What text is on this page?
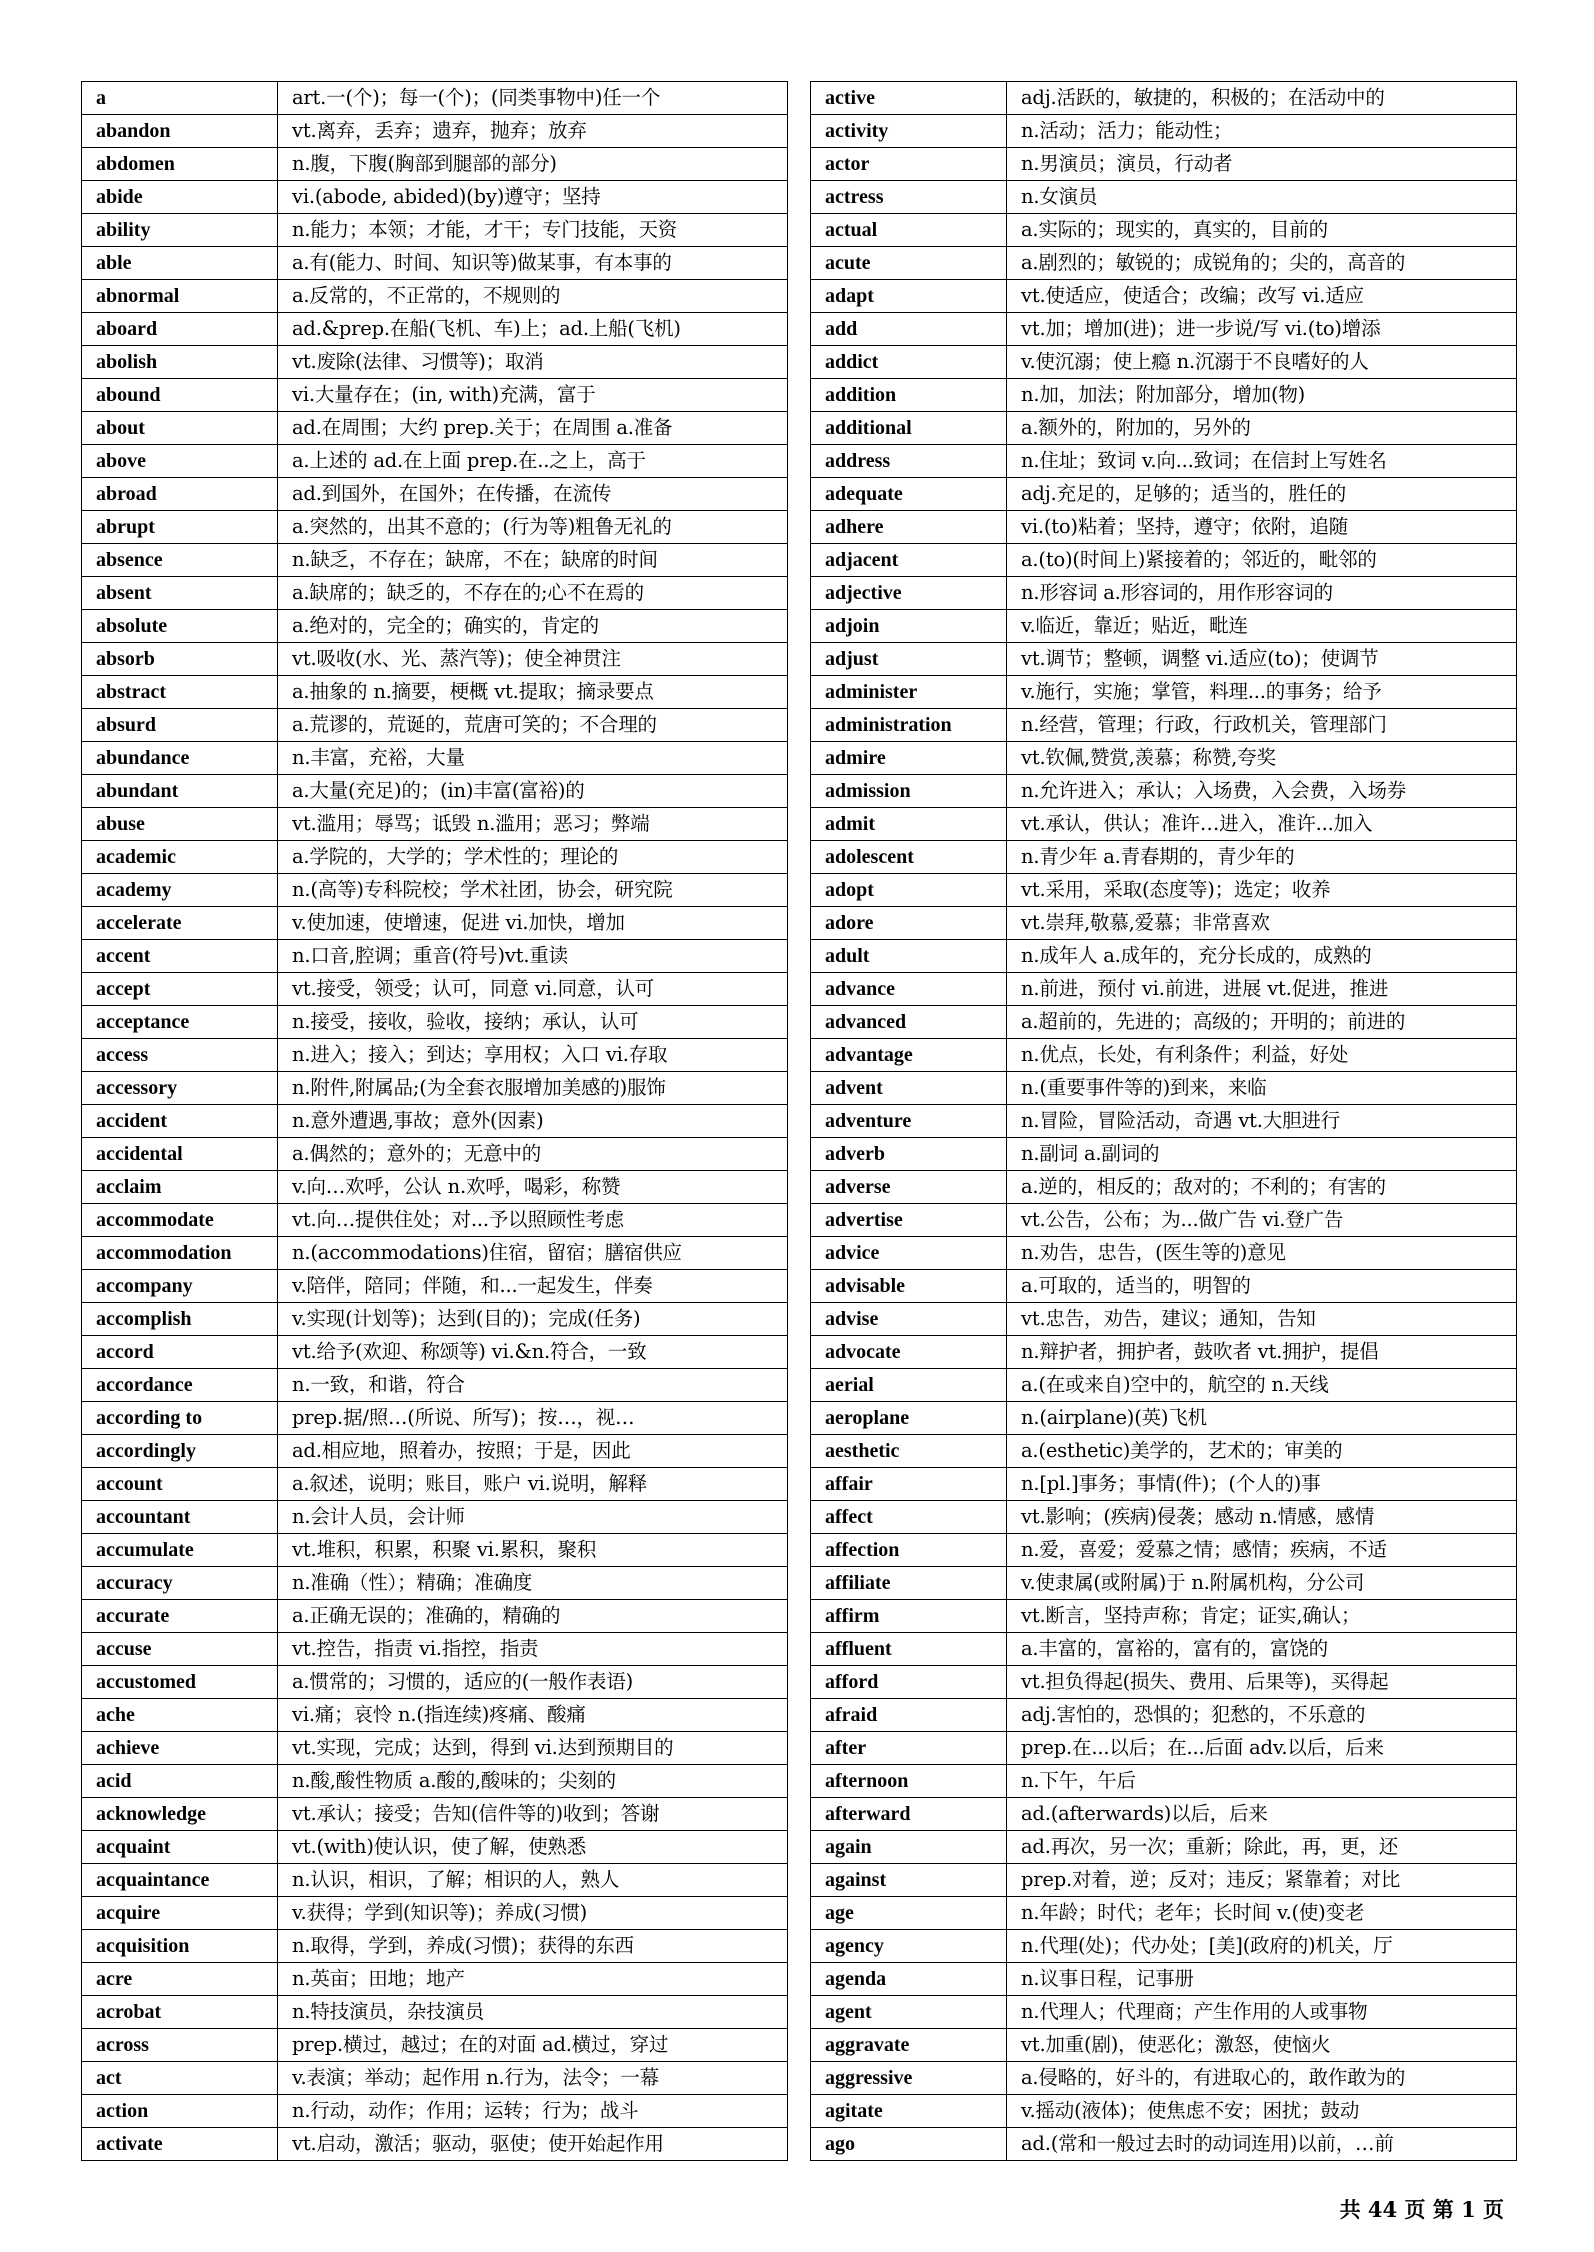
a	art.一(个)；每一(个)；(同类事物中)任一个
abandon	vt.离弃，丢弃；遗弃，抛弃；放弃
abdomen	n.腹，下腹(胸部到腿部的部分)
abide	vi.(abode, abided)(by)遵守；坚持
ability	n.能力；本领；才能，才干；专门技能，天资
able	a.有(能力、时间、知识等)做某事，有本事的
abnormal	a.反常的，不正常的，不规则的
aboard	ad.&prep.在船(飞机、车)上；ad.上船(飞机)
abolish	vt.废除(法律、习惯等)；取消
abound	vi.大量存在；(in, with)充满，富于
about	ad.在周围；大约 prep.关于；在周围 a.准备
above	a.上述的 ad.在上面 prep.在..之上，高于
abroad	ad.到国外，在国外；在传播，在流传
abrupt	a.突然的，出其不意的；(行为等)粗鲁无礼的
absence	n.缺乏，不存在；缺席，不在；缺席的时间
absent	a.缺席的；缺乏的，不存在的;心不在焉的
absolute	a.绝对的，完全的；确实的，肯定的
absorb	vt.吸收(水、光、蒸汽等)；使全神贯注
abstract	a.抽象的 n.摘要，梗概 vt.提取；摘录要点
absurd	a.荒谬的，荒诞的，荒唐可笑的；不合理的
abundance	n.丰富，充裕，大量
abundant	a.大量(充足)的；(in)丰富(富裕)的
abuse	vt.滥用；辱骂；诋毁 n.滥用；恶习；弊端
academic	a.学院的，大学的；学术性的；理论的
academy	n.(高等)专科院校；学术社团，协会，研究院
accelerate	v.使加速，使增速，促进 vi.加快，增加
accent	n.口音,腔调；重音(符号)vt.重读
accept	vt.接受，领受；认可，同意 vi.同意，认可
acceptance	n.接受，接收，验收，接纳；承认，认可
access	n.进入；接入；到达；享用权；入口 vi.存取
accessory	n.附件,附属品;(为全套衣服增加美感的)服饰
accident	n.意外遭遇,事故；意外(因素)
accidental	a.偶然的；意外的；无意中的
acclaim	v.向…欢呼，公认 n.欢呼，喝彩，称赞
accommodate	vt.向…提供住处；对...予以照顾性考虑
accommodation	n.(accommodations)住宿，留宿；膳宿供应
accompany	v.陪伴，陪同；伴随，和...一起发生，伴奏
accomplish	v.实现(计划等)；达到(目的)；完成(任务)
accord	vt.给予(欢迎、称颂等) vi.&n.符合，一致
accordance	n.一致，和谐，符合
according to	prep.据/照…(所说、所写)；按…，视…
accordingly	ad.相应地，照着办，按照；于是，因此
account	a.叙述，说明；账目，账户 vi.说明，解释
accountant	n.会计人员，会计师
accumulate	vt.堆积，积累，积聚 vi.累积，聚积
accuracy	n.准确（性）；精确；准确度
accurate	a.正确无误的；准确的，精确的
accuse	vt.控告，指责 vi.指控，指责
accustomed	a.惯常的；习惯的，适应的(一般作表语)
ache	vi.痛；哀怜 n.(指连续)疼痛、酸痛
achieve	vt.实现，完成；达到，得到 vi.达到预期目的
acid	n.酸,酸性物质 a.酸的,酸味的；尖刻的
acknowledge	vt.承认；接受；告知(信件等的)收到；答谢
acquaint	vt.(with)使认识，使了解，使熟悉
acquaintance	n.认识，相识，了解；相识的人，熟人
acquire	v.获得；学到(知识等)；养成(习惯)
acquisition	n.取得，学到，养成(习惯)；获得的东西
acre	n.英亩；田地；地产
acrobat	n.特技演员，杂技演员
across	prep.横过，越过；在的对面 ad.横过，穿过
act	v.表演；举动；起作用 n.行为，法令；一幕
action	n.行动，动作；作用；运转；行为；战斗
activate	vt.启动，激活；驱动，驱使；使开始起作用
active	adj.活跃的，敏捷的，积极的；在活动中的
activity	n.活动；活力；能动性；
actor	n.男演员；演员，行动者
actress	n.女演员
actual	a.实际的；现实的，真实的，目前的
acute	a.剧烈的；敏锐的；成锐角的；尖的，高音的
adapt	vt.使适应，使适合；改编；改写 vi.适应
add	vt.加；增加(进)；进一步说/写 vi.(to)增添
addict	v.使沉溺；使上瘾 n.沉溺于不良嗜好的人
addition	n.加，加法；附加部分，增加(物)
additional	a.额外的，附加的，另外的
address	n.住址；致词 v.向...致词；在信封上写姓名
adequate	adj.充足的，足够的；适当的，胜任的
adhere	vi.(to)粘着；坚持，遵守；依附，追随
adjacent	a.(to)(时间上)紧接着的；邻近的，毗邻的
adjective	n.形容词 a.形容词的，用作形容词的
adjoin	v.临近，靠近；贴近，毗连
adjust	vt.调节；整顿，调整 vi.适应(to)；使调节
administer	v.施行，实施；掌管，料理...的事务；给予
administration	n.经营，管理；行政，行政机关，管理部门
admire	vt.钦佩,赞赏,羡慕；称赞,夸奖
admission	n.允许进入；承认；入场费，入会费，入场券
admit	vt.承认，供认；准许…进入，准许...加入
adolescent	n.青少年 a.青春期的，青少年的
adopt	vt.采用，采取(态度等)；选定；收养
adore	vt.崇拜,敬慕,爱慕；非常喜欢
adult	n.成年人 a.成年的，充分长成的，成熟的
advance	n.前进，预付 vi.前进，进展 vt.促进，推进
advanced	a.超前的，先进的；高级的；开明的；前进的
advantage	n.优点，长处，有利条件；利益，好处
advent	n.(重要事件等的)到来，来临
adventure	n.冒险，冒险活动，奇遇 vt.大胆进行
adverb	n.副词 a.副词的
adverse	a.逆的，相反的；敌对的；不利的；有害的
advertise	vt.公告，公布；为...做广告 vi.登广告
advice	n.劝告，忠告，(医生等的)意见
advisable	a.可取的，适当的，明智的
advise	vt.忠告，劝告，建议；通知，告知
advocate	n.辩护者，拥护者，鼓吹者 vt.拥护，提倡
aerial	a.(在或来自)空中的，航空的 n.天线
aeroplane	n.(airplane)(英)飞机
aesthetic	a.(esthetic)美学的，艺术的；审美的
affair	n.[pl.]事务；事情(件)；(个人的)事
affect	vt.影响；(疾病)侵袭；感动 n.情感，感情
affection	n.爱，喜爱；爱慕之情；感情；疾病，不适
affiliate	v.使隶属(或附属)于 n.附属机构，分公司
affirm	vt.断言，坚持声称；肯定；证实,确认；
affluent	a.丰富的，富裕的，富有的，富饶的
afford	vt.担负得起(损失、费用、后果等)，买得起
afraid	adj.害怕的，恐惧的；犯愁的，不乐意的
after	prep.在...以后；在...后面 adv.以后，后来
afternoon	n.下午，午后
afterward	ad.(afterwards)以后，后来
again	ad.再次，另一次；重新；除此，再，更，还
against	prep.对着，逆；反对；违反；紧靠着；对比
age	n.年龄；时代；老年；长时间 v.(使)变老
agency	n.代理(处)；代办处；[美](政府的)机关，厅
agenda	n.议事日程，记事册
agent	n.代理人；代理商；产生作用的人或事物
aggravate	vt.加重(剧)，使恶化；激怒，使恼火
aggressive	a.侵略的，好斗的，有进取心的，敢作敢为的
agitate	v.摇动(液体)；使焦虑不安；困扰；鼓动
ago	ad.(常和一般过去时的动词连用)以前，…前
共 44 页 第 1 页
